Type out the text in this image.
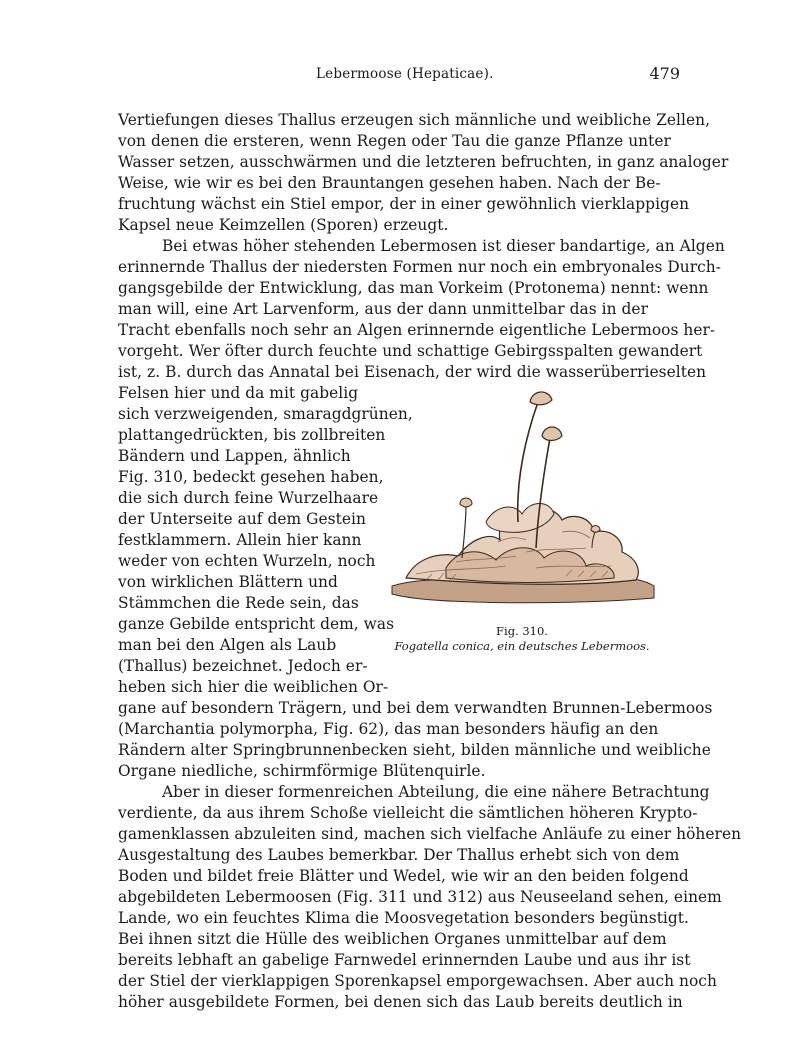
Lebermoose (Hepaticae).	479
Vertiefungen dieses Thallus erzeugen sich männliche und weibliche Zellen,
von denen die ersteren, wenn Regen oder Tau die ganze Pflanze unter
Wasser setzen, ausschwärmen und die letzteren befruchten, in ganz analoger
Weise, wie wir es bei den Brauntangen gesehen haben. Nach der Be-
fruchtung wächst ein Stiel empor, der in einer gewöhnlich vierklappigen
Kapsel neue Keimzellen (Sporen) erzeugt.
Bei etwas höher stehenden Lebermosen ist dieser bandartige, an Algen
erinnernde Thallus der niedersten Formen nur noch ein embryonales Durch-
gangsgebilde der Entwicklung, das man Vorkeim (Protonema) nennt: wenn
man will, eine Art Larvenform, aus der dann unmittelbar das in der
Tracht ebenfalls noch sehr an Algen erinnernde eigentliche Lebermoos her-
vorgeht. Wer öfter durch feuchte und schattige Gebirgsspalten gewandert
ist, z. B. durch das Annatal bei Eisenach, der wird die wasserüberrieselten
Felsen hier und da mit gabelig
sich verzweigenden, smaragdgrünen,
plattangedrückten, bis zollbreiten
Bändern und Lappen, ähnlich
Fig. 310, bedeckt gesehen haben,
die sich durch feine Wurzelhaare
der Unterseite auf dem Gestein
festklammern. Allein hier kann
weder von echten Wurzeln, noch
von wirklichen Blättern und
Stämmchen die Rede sein, das
ganze Gebilde entspricht dem, was
man bei den Algen als Laub
(Thallus) bezeichnet. Jedoch er-
heben sich hier die weiblichen Or-
gane auf besondern Trägern, und bei dem verwandten Brunnen-Lebermoos
(Marchantia polymorpha, Fig. 62), das man besonders häufig an den
Rändern alter Springbrunnenbecken sieht, bilden männliche und weibliche
Organe niedliche, schirmförmige Blütenquirle.
Aber in dieser formenreichen Abteilung, die eine nähere Betrachtung
verdiente, da aus ihrem Schoße vielleicht die sämtlichen höheren Krypto-
gamenklassen abzuleiten sind, machen sich vielfache Anläufe zu einer höheren
Ausgestaltung des Laubes bemerkbar. Der Thallus erhebt sich von dem
Boden und bildet freie Blätter und Wedel, wie wir an den beiden folgend
abgebildeten Lebermoosen (Fig. 311 und 312) aus Neuseeland sehen, einem
Lande, wo ein feuchtes Klima die Moosvegetation besonders begünstigt.
Bei ihnen sitzt die Hülle des weiblichen Organes unmittelbar auf dem
bereits lebhaft an gabelige Farnwedel erinnernden Laube und aus ihr ist
der Stiel der vierklappigen Sporenkapsel emporgewachsen. Aber auch noch
höher ausgebildete Formen, bei denen sich das Laub bereits deutlich in
Fig. 310.
Fogatella conica, ein deutsches Lebermoos.
